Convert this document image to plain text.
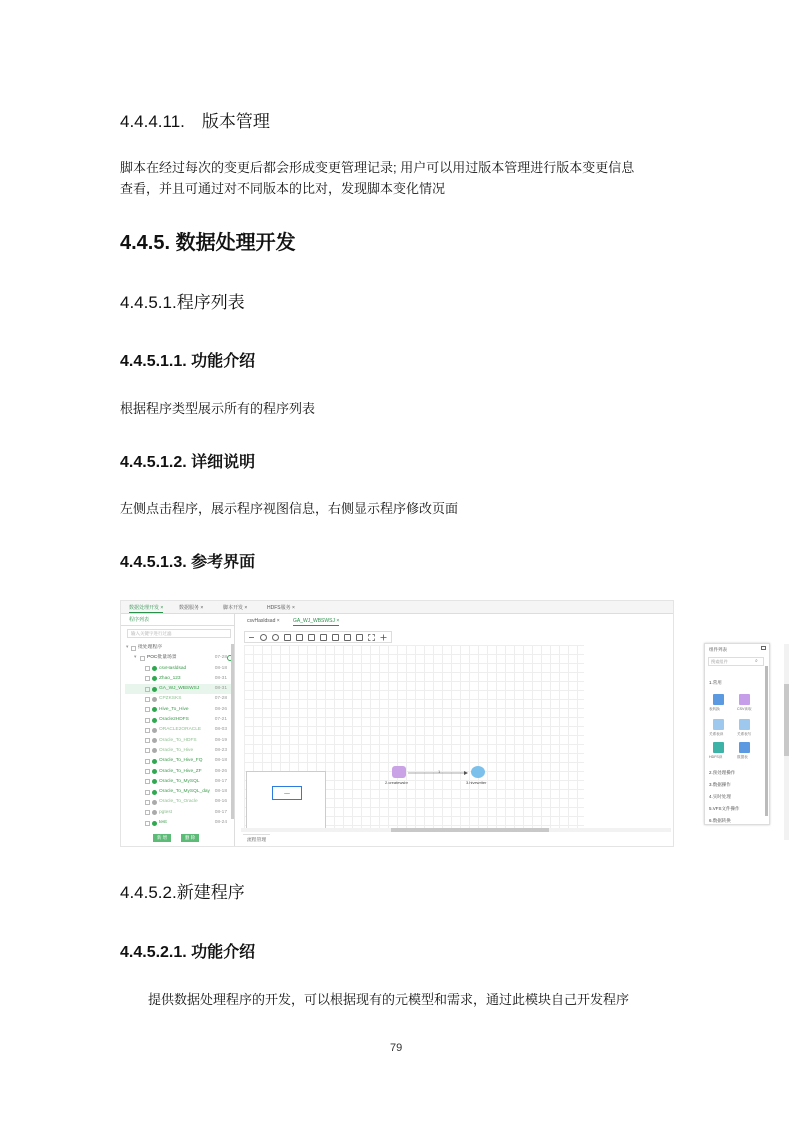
4.4.4.11.　版本管理
脚本在经过每次的变更后都会形成变更管理记录; 用户可以用过版本管理进行版本变更信息
查看，并且可通过对不同版本的比对，发现脚本变化情况
4.4.5. 数据处理开发
4.4.5.1.程序列表
4.4.5.1.1. 功能介绍
根据程序类型展示所有的程序列表
4.4.5.1.2. 详细说明
左侧点击程序，展示程序视图信息，右侧显示程序修改页面
4.4.5.1.3. 参考界面
数据处理开发 ×	数据服务 ×	脚本开发 ×	HDFS服务 ×
程序列表
输入关键字进行过滤
▾ 批处理程序
▾ POC批量场景	07-28
csvHasldsad	08-18
Zhao_123	08-31
GA_WJ_WBSWSJ	08-31
CPZKSKS	07-28
Hive_To_Hive	08-26
Oracle2HDFS	07-21
ORACLE2ORACLE	08-03
Oracle_To_HDFS	08-19
Oracle_To_Hive	08-23
Oracle_To_Hive_FQ	08-18
Oracle_To_Hive_ZF	08-26
Oracle_To_MySQL	08-17
Oracle_To_MySQL_day 08-18
Oracle_To_Oracle	08-16
pgtest	08-17
test	08-24
新 增	删 除
csvHasldsad ×	GA_WJ_WBSWSJ ×
__
2.createwsbr
1
3.hivewriter
组件列表
搜索组件	⌕
1.常用
表转换	CSV读取
关系表读	关系表写
HDFS读	数据表
2.预处理操作
3.数据操作
4.实时处理
5.VFS文件操作
6.数据转换
流程管理
4.4.5.2.新建程序
4.4.5.2.1. 功能介绍
提供数据处理程序的开发，可以根据现有的元模型和需求，通过此模块自己开发程序
79
